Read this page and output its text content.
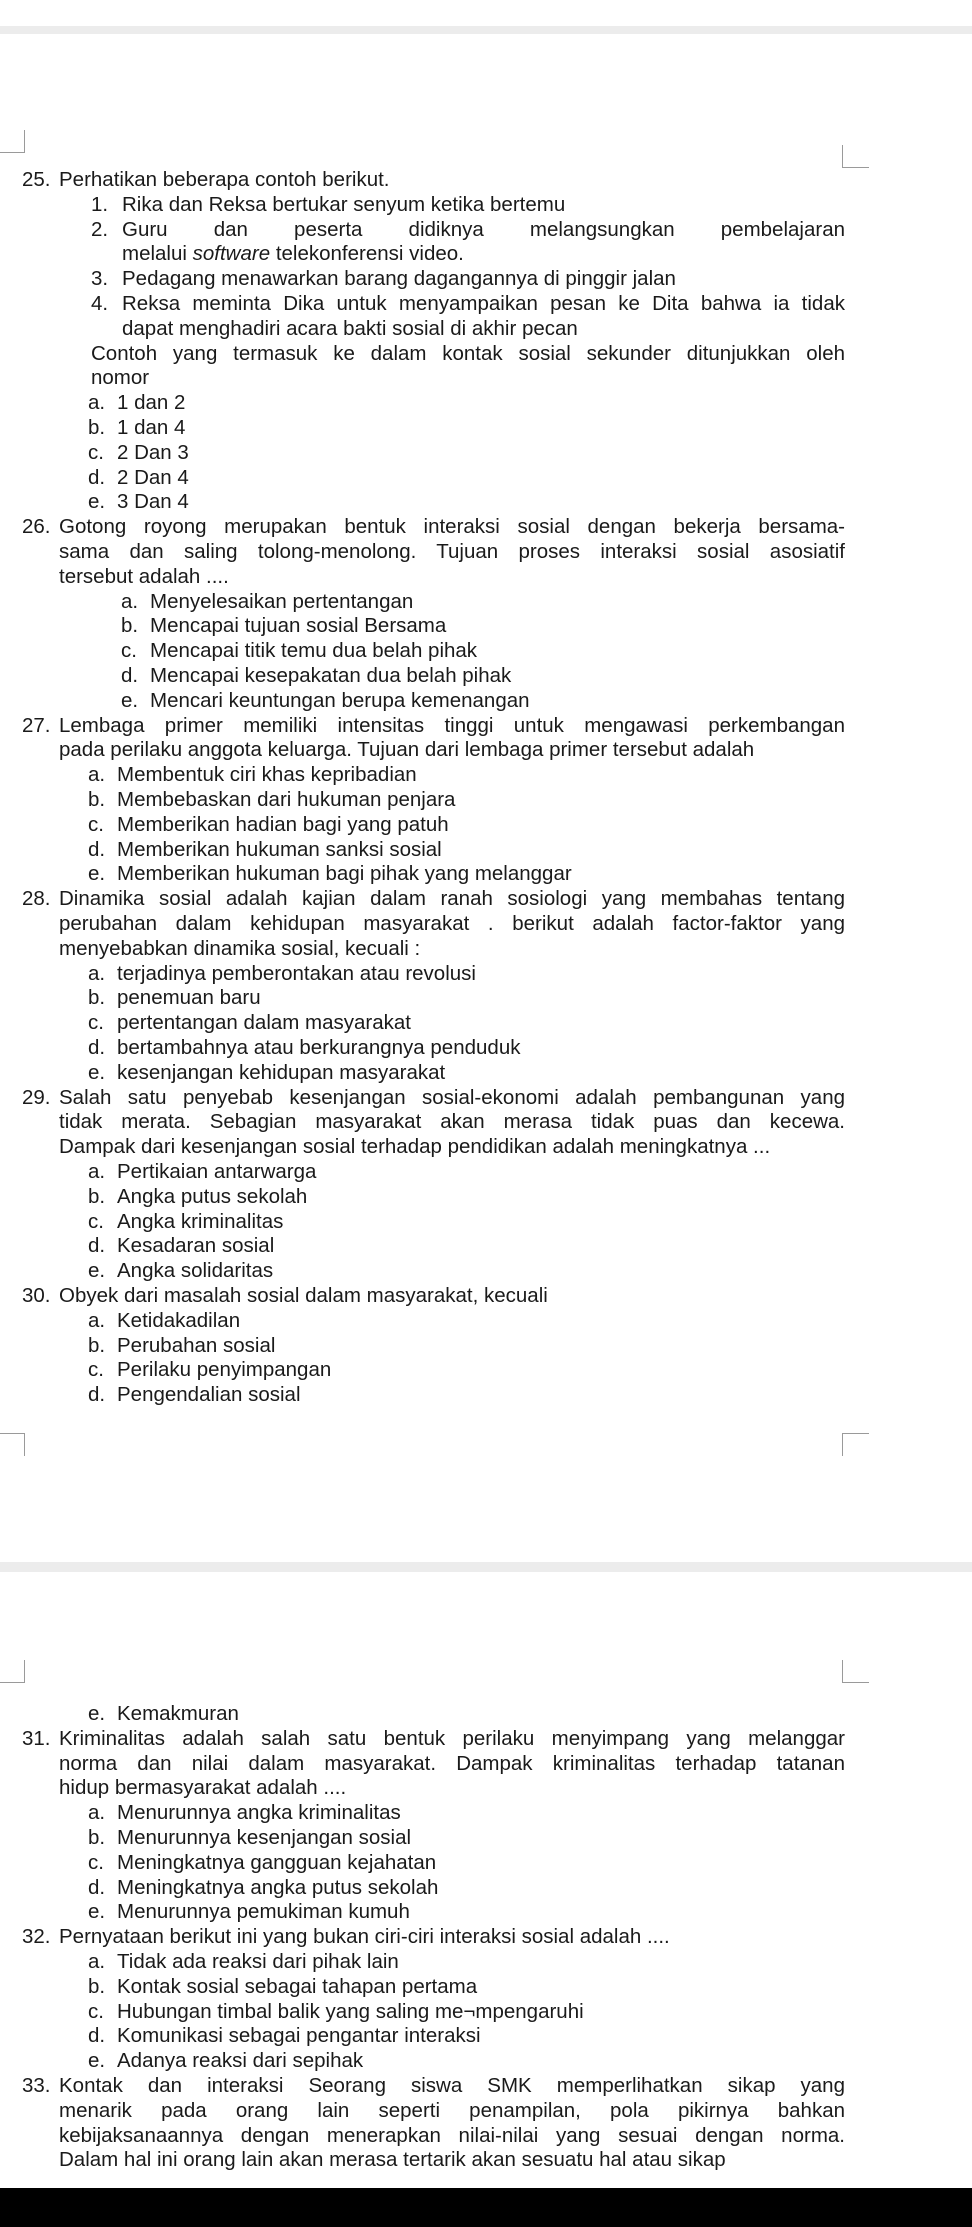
25. Perhatikan beberapa contoh berikut.
1. Rika dan Reksa bertukar senyum ketika bertemu
2. Guru dan peserta didiknya melangsungkan pembelajaran
melalui software telekonferensi video.
3. Pedagang menawarkan barang dagangannya di pinggir jalan
4. Reksa meminta Dika untuk menyampaikan pesan ke Dita bahwa ia tidak
dapat menghadiri acara bakti sosial di akhir pecan
Contoh yang termasuk ke dalam kontak sosial sekunder ditunjukkan oleh
nomor
a. 1 dan 2
b. 1 dan 4
c. 2 Dan 3
d. 2 Dan 4
e. 3 Dan 4
26. Gotong royong merupakan bentuk interaksi sosial dengan bekerja bersama-
sama dan saling tolong-menolong. Tujuan proses interaksi sosial asosiatif
tersebut adalah ....
a. Menyelesaikan pertentangan
b. Mencapai tujuan sosial Bersama
c. Mencapai titik temu dua belah pihak
d. Mencapai kesepakatan dua belah pihak
e. Mencari keuntungan berupa kemenangan
27. Lembaga primer memiliki intensitas tinggi untuk mengawasi perkembangan
pada perilaku anggota keluarga. Tujuan dari lembaga primer tersebut adalah
a. Membentuk ciri khas kepribadian
b. Membebaskan dari hukuman penjara
c. Memberikan hadian bagi yang patuh
d. Memberikan hukuman sanksi sosial
e. Memberikan hukuman bagi pihak yang melanggar
28. Dinamika sosial adalah kajian dalam ranah sosiologi yang membahas tentang
perubahan dalam kehidupan masyarakat . berikut adalah factor-faktor yang
menyebabkan dinamika sosial, kecuali :
a. terjadinya pemberontakan atau revolusi
b. penemuan baru
c. pertentangan dalam masyarakat
d. bertambahnya atau berkurangnya penduduk
e. kesenjangan kehidupan masyarakat
29. Salah satu penyebab kesenjangan sosial-ekonomi adalah pembangunan yang
tidak merata. Sebagian masyarakat akan merasa tidak puas dan kecewa.
Dampak dari kesenjangan sosial terhadap pendidikan adalah meningkatnya ...
a. Pertikaian antarwarga
b. Angka putus sekolah
c. Angka kriminalitas
d. Kesadaran sosial
e. Angka solidaritas
30. Obyek dari masalah sosial dalam masyarakat, kecuali
a. Ketidakadilan
b. Perubahan sosial
c. Perilaku penyimpangan
d. Pengendalian sosial
e. Kemakmuran
31. Kriminalitas adalah salah satu bentuk perilaku menyimpang yang melanggar
norma dan nilai dalam masyarakat. Dampak kriminalitas terhadap tatanan
hidup bermasyarakat adalah ....
a. Menurunnya angka kriminalitas
b. Menurunnya kesenjangan sosial
c. Meningkatnya gangguan kejahatan
d. Meningkatnya angka putus sekolah
e. Menurunnya pemukiman kumuh
32. Pernyataan berikut ini yang bukan ciri-ciri interaksi sosial adalah ....
a. Tidak ada reaksi dari pihak lain
b. Kontak sosial sebagai tahapan pertama
c. Hubungan timbal balik yang saling me¬mpengaruhi
d. Komunikasi sebagai pengantar interaksi
e. Adanya reaksi dari sepihak
33. Kontak dan interaksi Seorang siswa SMK memperlihatkan sikap yang
menarik pada orang lain seperti penampilan, pola pikirnya bahkan
kebijaksanaannya dengan menerapkan nilai-nilai yang sesuai dengan norma.
Dalam hal ini orang lain akan merasa tertarik akan sesuatu hal atau sikap
